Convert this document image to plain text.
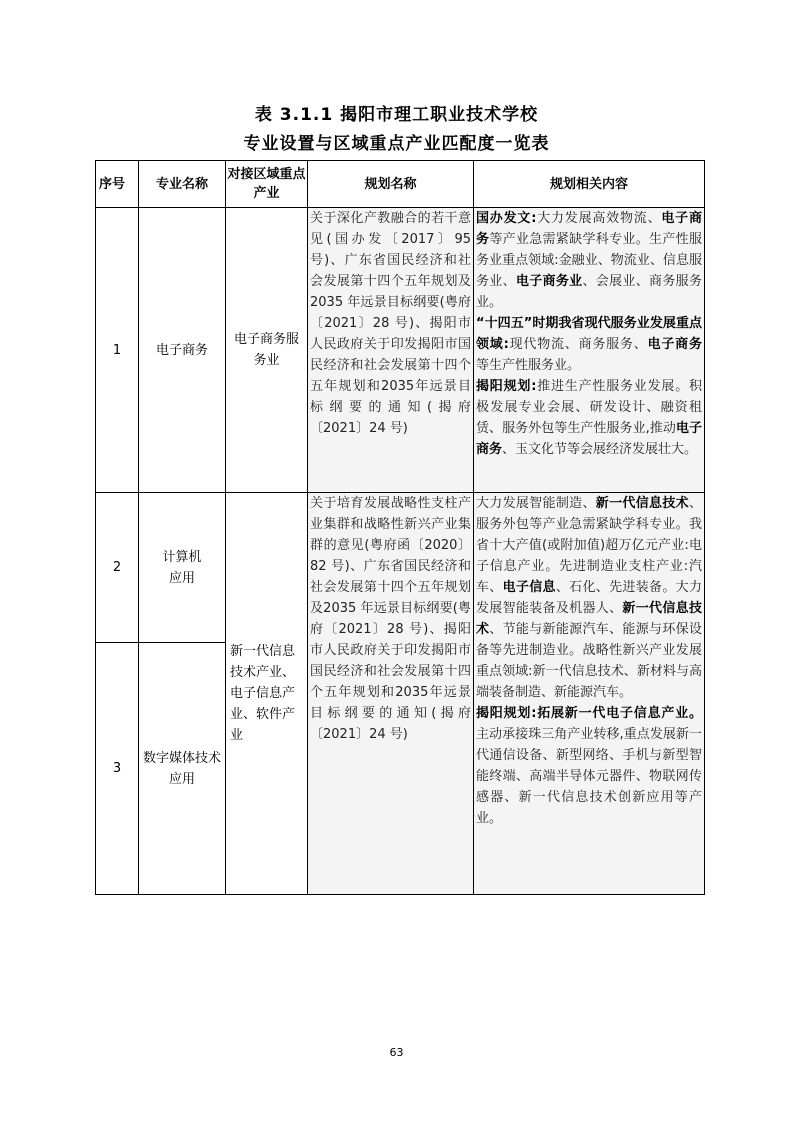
表 3.1.1 揭阳市理工职业技术学校
专业设置与区域重点产业匹配度一览表
序号	专业名称	对接区域重点产业	规划名称	规划相关内容
1	电子商务	电子商务服务业	关于深化产教融合的若干意见(国办发〔2017〕95 号)、广东省国民经济和社会发展第十四个五年规划及2035 年远景目标纲要(粤府〔2021〕28 号)、揭阳市人民政府关于印发揭阳市国民经济和社会发展第十四个五年规划和2035年远景目标纲要的通知(揭府〔2021〕24 号)	国办发文:大力发展高效物流、电子商务等产业急需紧缺学科专业。生产性服务业重点领域:金融业、物流业、信息服务业、电子商务业、会展业、商务服务业。

“十四五”时期我省现代服务业发展重点领域:现代物流、商务服务、电子商务等生产性服务业。

揭阳规划:推进生产性服务业发展。积极发展专业会展、研发设计、融资租赁、服务外包等生产性服务业,推动电子商务、玉文化节等会展经济发展壮大。

2	计算机应用	新一代信息技术产业、电子信息产业、软件产业	关于培育发展战略性支柱产业集群和战略性新兴产业集群的意见(粤府函〔2020〕82 号)、广东省国民经济和社会发展第十四个五年规划及2035 年远景目标纲要(粤府〔2021〕28 号)、揭阳市人民政府关于印发揭阳市国民经济和社会发展第十四个五年规划和2035年远景目标纲要的通知(揭府〔2021〕24 号)	大力发展智能制造、新一代信息技术、服务外包等产业急需紧缺学科专业。我省十大产值(或附加值)超万亿元产业:电子信息产业。先进制造业支柱产业:汽车、电子信息、石化、先进装备。大力发展智能装备及机器人、新一代信息技术、节能与新能源汽车、能源与环保设备等先进制造业。战略性新兴产业发展重点领域:新一代信息技术、新材料与高端装备制造、新能源汽车。

揭阳规划:拓展新一代电子信息产业。主动承接珠三角产业转移,重点发展新一代通信设备、新型网络、手机与新型智能终端、高端半导体元器件、物联网传感器、新一代信息技术创新应用等产业。

3	数字媒体技术应用			
63
